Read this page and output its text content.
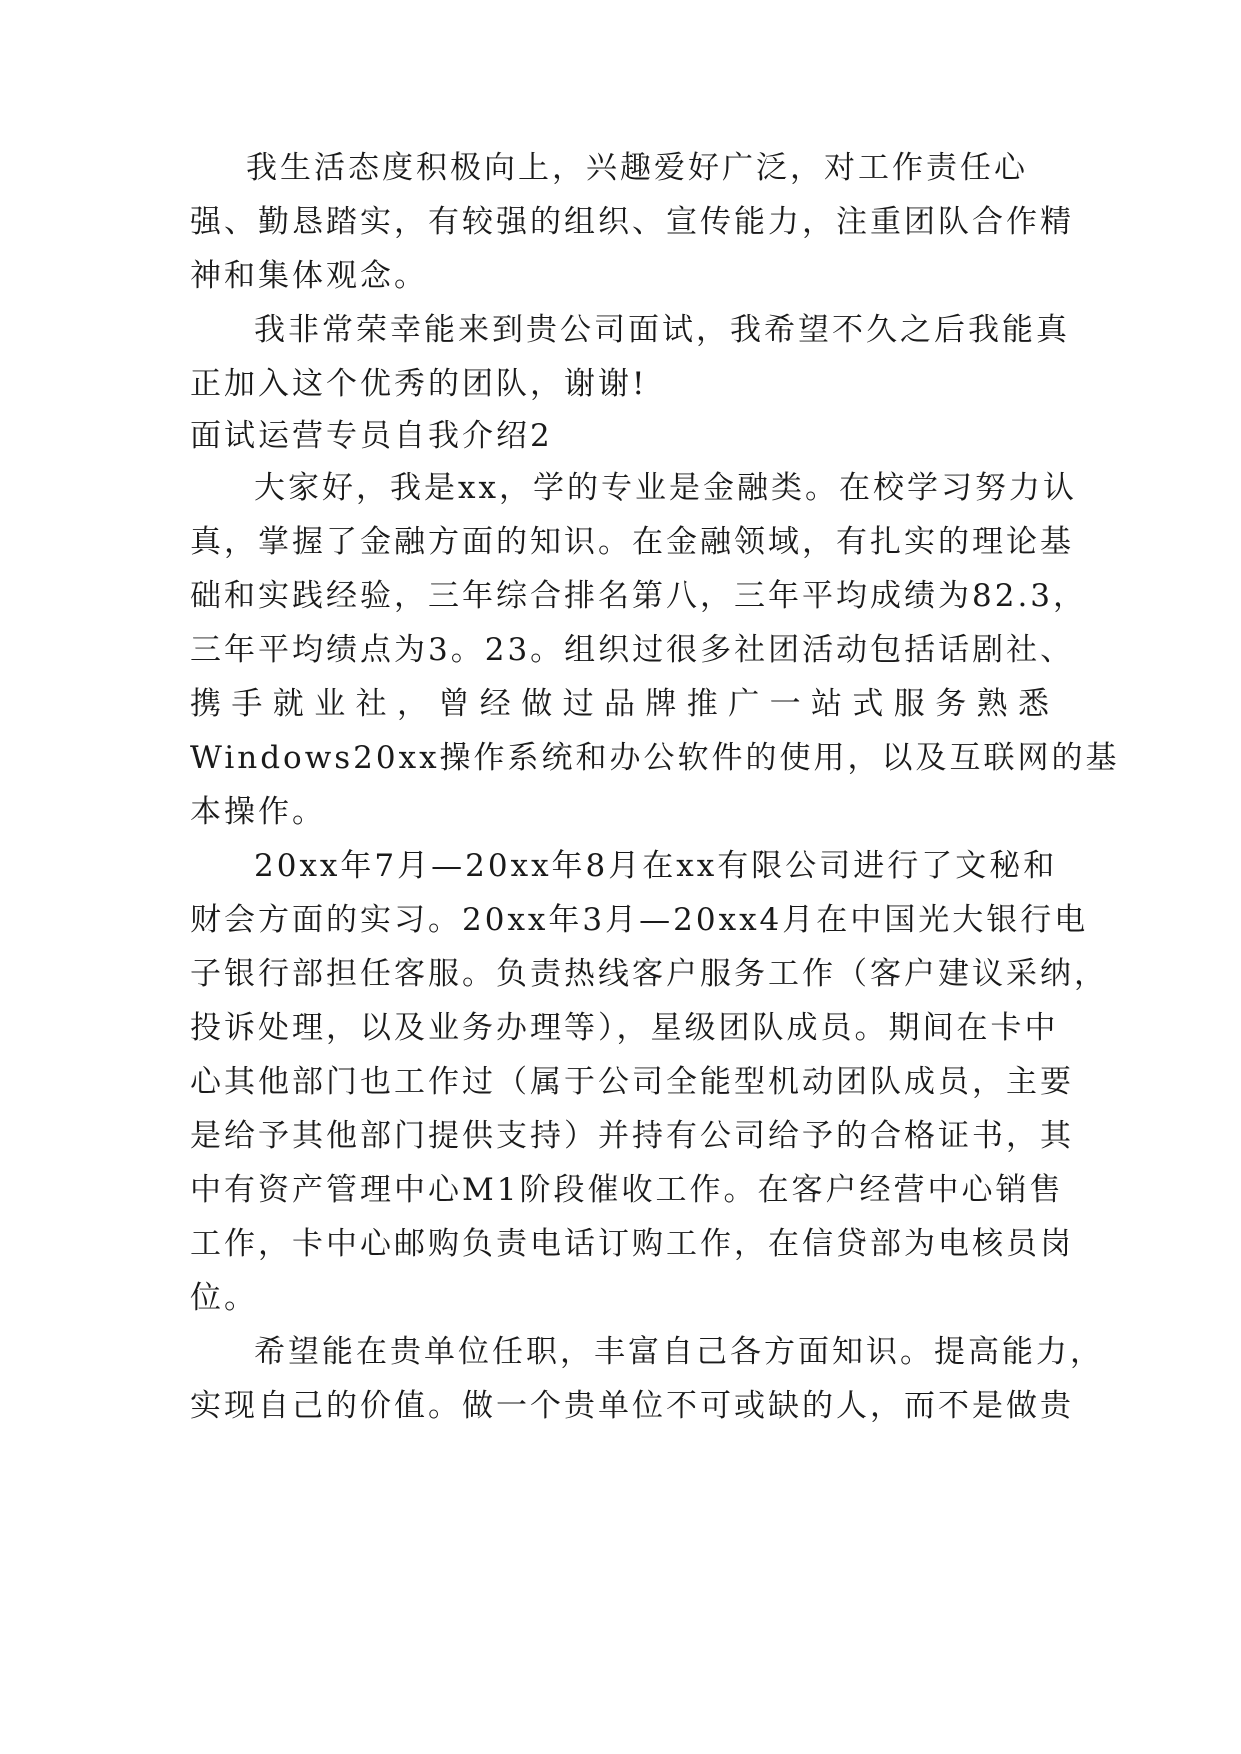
我生活态度积极向上，兴趣爱好广泛，对工作责任心
强、勤恳踏实，有较强的组织、宣传能力，注重团队合作精
神和集体观念。
我非常荣幸能来到贵公司面试，我希望不久之后我能真
正加入这个优秀的团队，谢谢!
面试运营专员自我介绍2
大家好，我是xx，学的专业是金融类。在校学习努力认
真，掌握了金融方面的知识。在金融领域，有扎实的理论基
础和实践经验，三年综合排名第八，三年平均成绩为82.3，
三年平均绩点为3。23。组织过很多社团活动包括话剧社、
携手就业社，曾经做过品牌推广一站式服务熟悉
Windows20xx操作系统和办公软件的使用，以及互联网的基
本操作。
20xx年7月—20xx年8月在xx有限公司进行了文秘和
财会方面的实习。20xx年3月—20xx4月在中国光大银行电
子银行部担任客服。负责热线客户服务工作（客户建议采纳，
投诉处理，以及业务办理等），星级团队成员。期间在卡中
心其他部门也工作过（属于公司全能型机动团队成员，主要
是给予其他部门提供支持）并持有公司给予的合格证书，其
中有资产管理中心M1阶段催收工作。在客户经营中心销售
工作，卡中心邮购负责电话订购工作，在信贷部为电核员岗
位。
希望能在贵单位任职，丰富自己各方面知识。提高能力，
实现自己的价值。做一个贵单位不可或缺的人，而不是做贵
